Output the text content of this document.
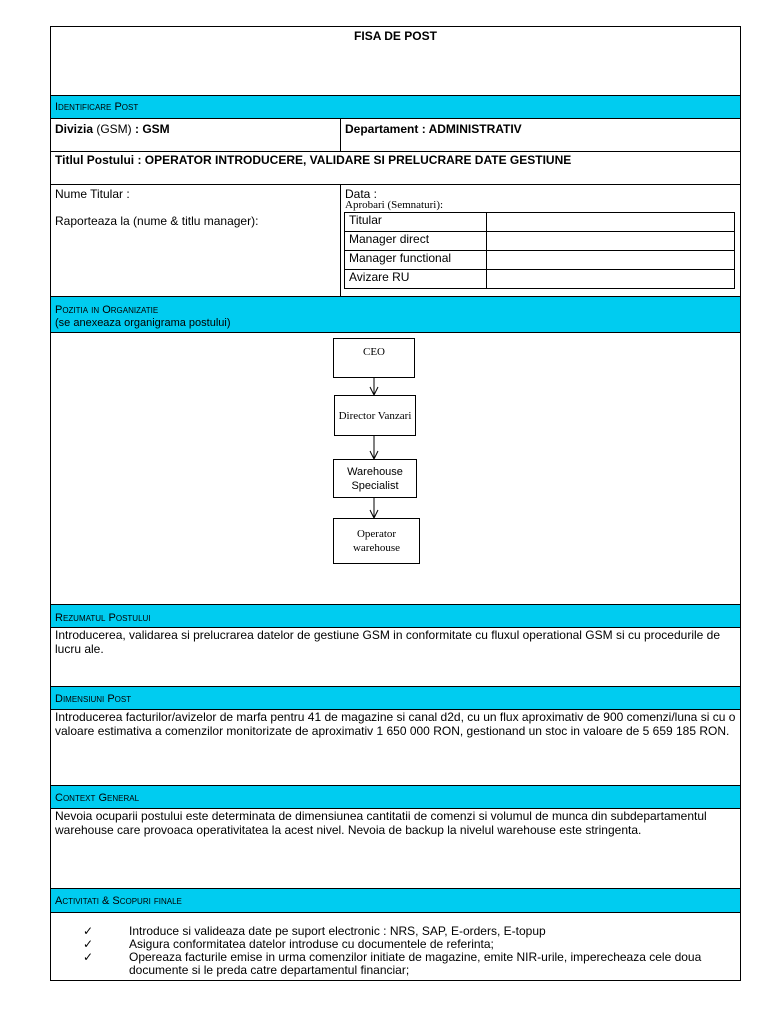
FISA DE POST
Identificare Post
Divizia (GSM) : GSM	Departament : ADMINISTRATIV
Titlul Postului : OPERATOR INTRODUCERE, VALIDARE SI PRELUCRARE DATE GESTIUNE
Nume Titular :
Raporteaza la (nume & titlu manager):
Data :
Aprobari (Semnaturi):
Titular	
Manager direct	
Manager functional	
Avizare RU	
Pozitia in Organizatie
(se anexeaza organigrama postului)
CEO
Director Vanzari
Warehouse Specialist
Operator warehouse
Rezumatul Postului
Introducerea, validarea si prelucrarea datelor de gestiune GSM in conformitate cu fluxul operational GSM si cu procedurile de lucru ale.
Dimensiuni Post
Introducerea facturilor/avizelor de marfa pentru 41 de magazine si canal d2d, cu un flux aproximativ de 900 comenzi/luna si cu o valoare estimativa a comenzilor monitorizate de aproximativ 1 650 000 RON, gestionand un stoc in valoare de 5 659 185 RON.
Context General
Nevoia ocuparii postului este determinata de dimensiunea cantitatii de comenzi si volumul de munca din subdepartamentul warehouse care provoaca operativitatea la acest nivel. Nevoia de backup la nivelul warehouse este stringenta.
Activitati & Scopuri finale
✓	Introduce si valideaza date pe suport electronic : NRS, SAP, E-orders, E-topup
✓	Asigura conformitatea datelor introduse cu documentele de referinta;
✓	Opereaza facturile emise in urma comenzilor initiate de magazine, emite NIR-urile, imperecheaza cele doua documente si le preda catre departamentul financiar;
